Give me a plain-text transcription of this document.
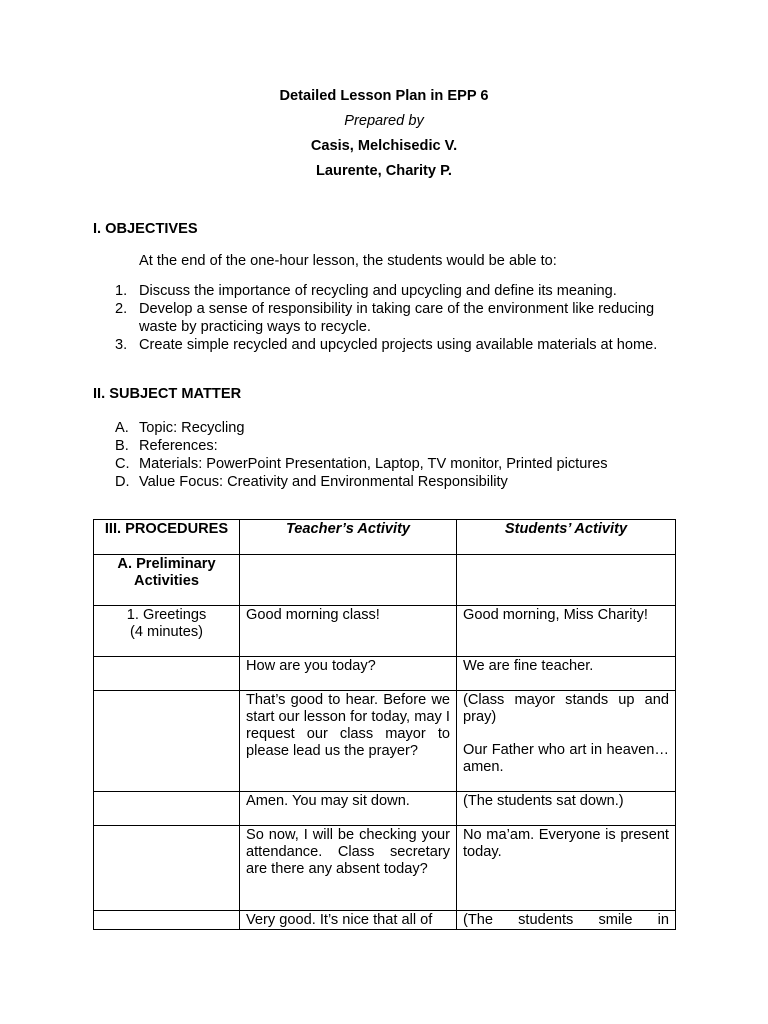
Detailed Lesson Plan in EPP 6
Prepared by
Casis, Melchisedic V.
Laurente, Charity P.
I. OBJECTIVES
At the end of the one-hour lesson, the students would be able to:
1. Discuss the importance of recycling and upcycling and define its meaning.
2. Develop a sense of responsibility in taking care of the environment like reducing waste by practicing ways to recycle.
3. Create simple recycled and upcycled projects using available materials at home.
II. SUBJECT MATTER
A. Topic: Recycling
B. References:
C. Materials: PowerPoint Presentation, Laptop, TV monitor, Printed pictures
D. Value Focus: Creativity and Environmental Responsibility
III. PROCEDURES	Teacher’s Activity	Students’ Activity
A. Preliminary Activities		

1. Greetings
(4 minutes)	Good morning class!	Good morning, Miss Charity!
	How are you today?	We are fine teacher.
	That’s good to hear. Before we start our lesson for today, may I request our class mayor to please lead us the prayer?	(Class mayor stands up and pray)
Our Father who art in heaven…amen.

	Amen. You may sit down.	(The students sat down.)
	So now, I will be checking your attendance. Class secretary are there any absent today?	No ma’am. Everyone is present today.
	Very good. It’s nice that all of	(The students smile in
